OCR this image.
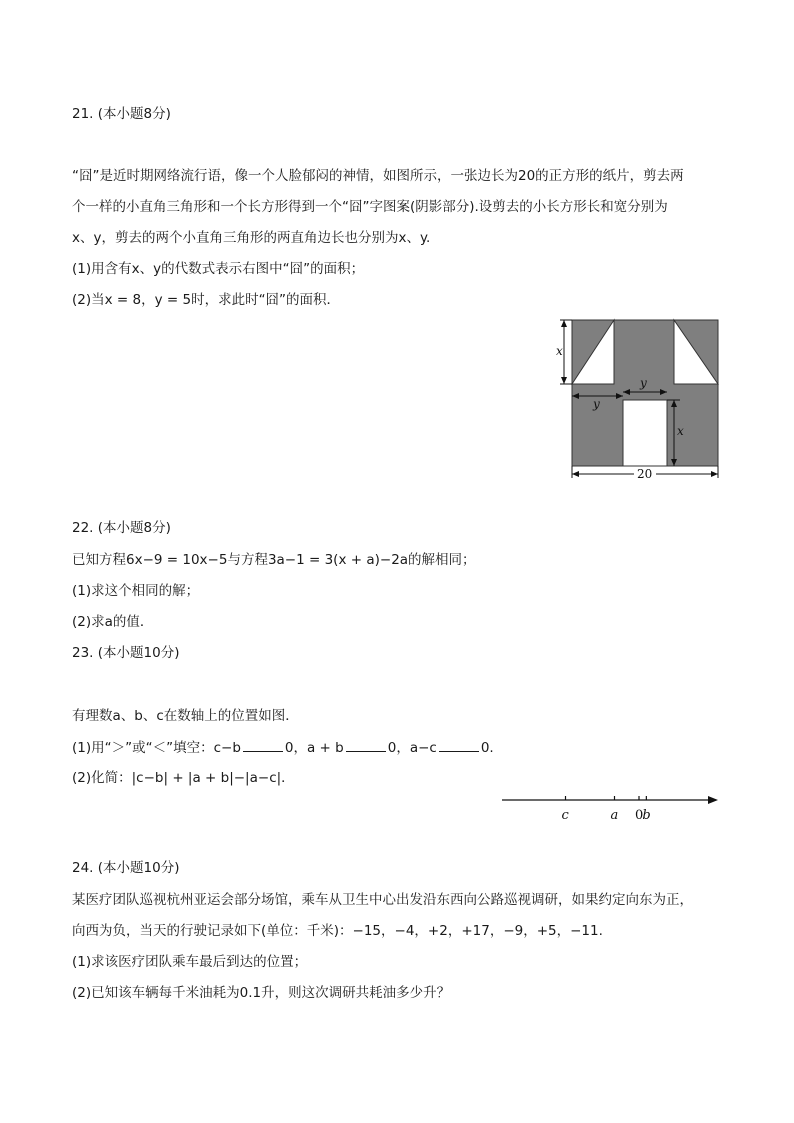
21. (本小题8分)
“囧”是近时期网络流行语，像一个人脸郁闷的神情，如图所示，一张边长为20的正方形的纸片，剪去两
个一样的小直角三角形和一个长方形得到一个“囧”字图案(阴影部分).设剪去的小长方形长和宽分别为
x、y，剪去的两个小直角三角形的两直角边长也分别为x、y.
(1)用含有x、y的代数式表示右图中“囧”的面积；
(2)当x = 8，y = 5时，求此时“囧”的面积．
x
y
y
x
20
22. (本小题8分)
已知方程6x−9 = 10x−5与方程3a−1 = 3(x + a)−2a的解相同；
(1)求这个相同的解；
(2)求a的值．
23. (本小题10分)
有理数a、b、c在数轴上的位置如图．
(1)用“＞”或“＜”填空：c−b	0，a + b	0，a−c	0.
(2)化简：|c−b| + |a + b|−|a−c|．
c	a 0 b
24. (本小题10分)
某医疗团队巡视杭州亚运会部分场馆，乘车从卫生中心出发沿东西向公路巡视调研，如果约定向东为正，
向西为负，当天的行驶记录如下(单位：千米)：−15，−4，+2，+17，−9，+5，−11.
(1)求该医疗团队乘车最后到达的位置；
(2)已知该车辆每千米油耗为0.1升，则这次调研共耗油多少升？
